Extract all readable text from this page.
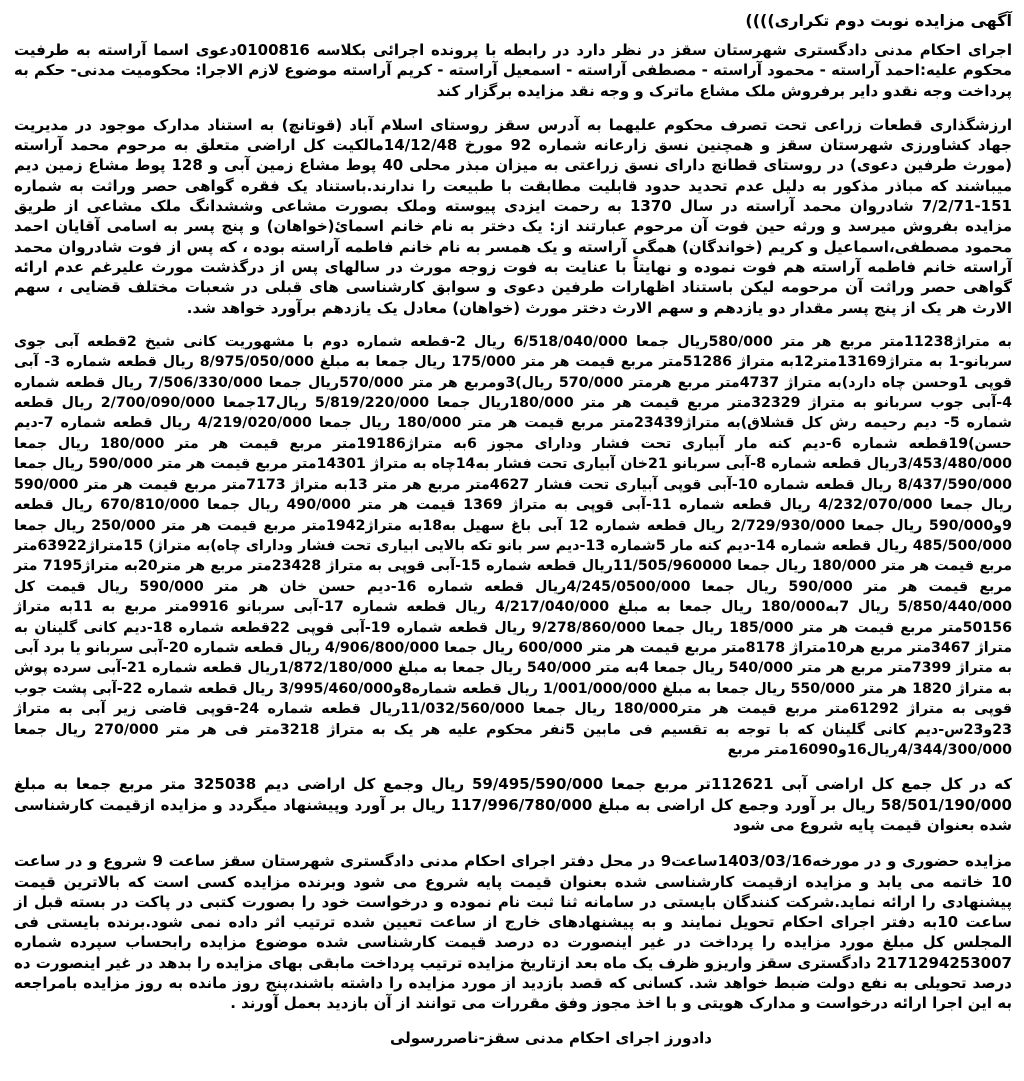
آگهی مزایده نوبت دوم تکراری))))

اجرای احکام مدنی دادگستری شهرستان سقز در نظر دارد در رابطه با پرونده اجرائی بکلاسه 0100816دعوی اسما آراسته به طرفیت محکوم علیه:احمد آراسته - محمود آراسته - مصطفی آراسته - اسمعیل آراسته - کریم آراسته موضوع لازم الاجرا: محکومیت مدنی- حکم به پرداخت وجه نقدو دایر برفروش ملک مشاع ماترک و وجه نقد مزایده برگزار کند

ارزشگذاری قطعات زراعی تحت تصرف محکوم علیهما به آدرس سقز روستای اسلام آباد (قوتانچ) به استناد مدارک موجود در مدیریت جهاد کشاورزی شهرستان سقز و همچنین نسق زارعانه شماره 92 مورخ 14/12/48مالکیت کل اراضی متعلق به مرحوم محمد آراسته (مورث طرفین دعوی) در روستای قطانچ دارای نسق زراعتی به میزان مبذر محلی 40 پوط مشاع زمین آبی و 128 پوط مشاع زمین دیم میباشند که مباذر مذکور به دلیل عدم تحدید حدود قابلیت مطابقت با طبیعت را ندارند.باستناد یک فقره گواهی حصر وراثت به شماره 151-7/2/71 شادروان محمد آراسته در سال 1370 به رحمت ایزدی پیوسته وملک بصورت مشاعی وششدانگ ملک مشاعی از طریق مزایده بفروش میرسد و ورثه حین فوت آن مرحوم عبارتند از: یک دختر به نام خانم اسمائ(خواهان) و پنج پسر به اسامی آقایان احمد محمود مصطفی،اسماعیل و کریم (خواندگان) همگی آراسته و یک همسر به نام خانم فاطمه آراسته بوده ، که پس از فوت شادروان محمد آراسته خانم فاطمه آراسته هم فوت نموده و نهایتاً با عنایت به فوت زوجه مورث در سالهای پس از درگذشت مورث علیرغم عدم ارائه گواهی حصر وراثت آن مرحومه لیکن باستناد اظهارات طرفین دعوی و سوابق کارشناسی های قبلی در شعبات مختلف قضایی ، سهم الارث هر یک از پنج پسر مقدار دو یازدهم و سهم الارث دختر مورث (خواهان) معادل یک یازدهم برآورد خواهد شد.

به متراژ11238متر مربع هر متر 580/000ریال جمعا 6/518/040/000 ریال 2-قطعه شماره دوم با مشهوریت کانی شیخ 2قطعه آبی جوی سربانو-1 به متراژ13169متر12به متراژ 51286متر مربع قیمت هر متر 175/000 ریال جمعا به مبلغ 8/975/050/000 ریال قطعه شماره 3- آبی قوپی 1وحسن چاه دارد)به متراژ 4737متر مربع هرمتر 570/000 ریال)3ومربع هر متر 570/000ریال جمعا 7/506/330/000 ریال قطعه شماره 4-آبی جوب سربانو به متراژ 32329متر مربع قیمت هر متر 180/000ریال جمعا 5/819/220/000 ریال17جمعا 2/700/090/000 ریال قطعه شماره 5- دیم رحیمه رش کل قشلاق)به متراژ23439متر مربع قیمت هر متر 180/000 ریال جمعا 4/219/020/000 ریال قطعه شماره 7-دیم حسن)19قطعه شماره 6-دیم کنه مار آبیاری تحت فشار ودارای مجوز 6به متراژ19186متر مربع قیمت هر متر 180/000 ریال جمعا 3/453/480/000ریال قطعه شماره 8-آبی سربانو 21خان آبیاری تحت فشار به14چاه به متراژ 14301متر مربع قیمت هر متر 590/000 ریال جمعا 8/437/590/000 ریال قطعه شماره 10-آبی قوپی آبیاری تحت فشار 4627متر مربع هر متر 13به متراژ 7173متر مربع قیمت هر متر 590/000 ریال جمعا 4/232/070/000 ریال قطعه شماره 11-آبی قوپی به متراژ 1369 قیمت هر متر 490/000 ریال جمعا 670/810/000 ریال قطعه 9و590/000 ریال جمعا 2/729/930/000 ریال قطعه شماره 12 آبی باغ سهیل به18به متراژ1942متر مربع قیمت هر متر 250/000 ریال جمعا 485/500/000 ریال قطعه شماره 14-دیم کنه مار 5شماره 13-دیم سر بانو تکه بالایی ابیاری تحت فشار ودارای چاه)به متراژ) 15متراژ63922متر مربع قیمت هر متر 180/000 ریال جمعا 11/505/960000ریال قطعه شماره 15-آبی قوپی به متراژ 23428متر مربع هر متر20به متراژ7195 متر مربع قیمت هر متر 590/000 ریال جمعا 4/245/0500/000ریال قطعه شماره 16-دیم حسن خان هر متر 590/000 ریال قیمت کل 5/850/440/000 ریال 7به180/000 ریال جمعا به مبلغ 4/217/040/000 ریال قطعه شماره 17-آبی سربانو 9916متر مربع به 11به متراژ 50156متر مربع قیمت هر متر 185/000 ریال جمعا 9/278/860/000 ریال قطعه شماره 19-آبی قوپی 22قطعه شماره 18-دیم کانی گلینان به متراژ 3467متر مربع هر10متراژ 8178متر مربع قیمت هر متر 600/000 ریال جمعا 4/906/800/000 ریال قطعه شماره 20-آبی سربانو یا برد آبی به متراژ 7399متر مربع هر متر 540/000 ریال جمعا 4به متر 540/000 ریال جمعا به مبلغ 1/872/180/000ریال قطعه شماره 21-آبی سرده پوش به متراژ 1820 هر متر 550/000 ریال جمعا به مبلغ 1/001/000/000 ریال قطعه شماره8و3/995/460/000 ریال قطعه شماره 22-آبی پشت جوب قوپی به متراژ 61292متر مربع قیمت هر متر180/000 ریال جمعا 11/032/560/000ریال قطعه شماره 24-قوپی قاضی زیر آبی به متراژ 23و23س-دیم کانی گلینان که با توجه به تقسیم فی مابین 5نفر محکوم علیه هر یک به متراژ 3218متر فی هر متر 270/000 ریال جمعا 4/344/300/000ریال16و16090متر مربع

که در کل جمع کل اراضی آبی 112621تر مربع جمعا 59/495/590/000 ریال وجمع کل اراضی دیم 325038 متر مربع جمعا به مبلغ 58/501/190/000 ریال بر آورد وجمع کل اراضی به مبلغ 117/996/780/000 ریال بر آورد وپیشنهاد میگردد و مزایده ازقیمت کارشناسی شده بعنوان قیمت پایه شروع می شود

مزایده حضوری و در مورخه1403/03/16ساعت9 در محل دفتر اجرای احکام مدنی دادگستری شهرستان سقز ساعت 9 شروع و در ساعت 10 خاتمه می یابد و مزایده ازقیمت کارشناسی شده بعنوان قیمت پایه شروع می شود وبرنده مزایده کسی است که بالاترین قیمت پیشنهادی را ارائه نماید.شرکت کنندگان بایستی در سامانه ثنا ثبت نام نموده و درخواست خود را بصورت کتبی در پاکت در بسته قبل از ساعت 10به دفتر اجرای احکام تحویل نمایند و به پیشنهادهای خارج از ساعت تعیین شده ترتیب اثر داده نمی شود.برنده بایستی فی المجلس کل مبلغ مورد مزایده را پرداخت در غیر اینصورت ده درصد قیمت کارشناسی شده موضوع مزایده رابحساب سپرده شماره 2171294253007 دادگستری سقز واریزو ظرف یک ماه بعد ازتاریخ مزایده ترتیب پرداخت مابقی بهای مزایده را بدهد در غیر اینصورت ده درصد تحویلی به نفع دولت ضبط خواهد شد. کسانی که قصد بازدید از مورد مزایده را داشته باشند،پنج روز مانده به روز مزایده بامراجعه به این اجرا ارائه درخواست و مدارک هویتی و با اخذ مجوز وفق مقررات می توانند از آن بازدید بعمل آورند .

دادورز اجرای احکام مدنی سقز-ناصررسولی
